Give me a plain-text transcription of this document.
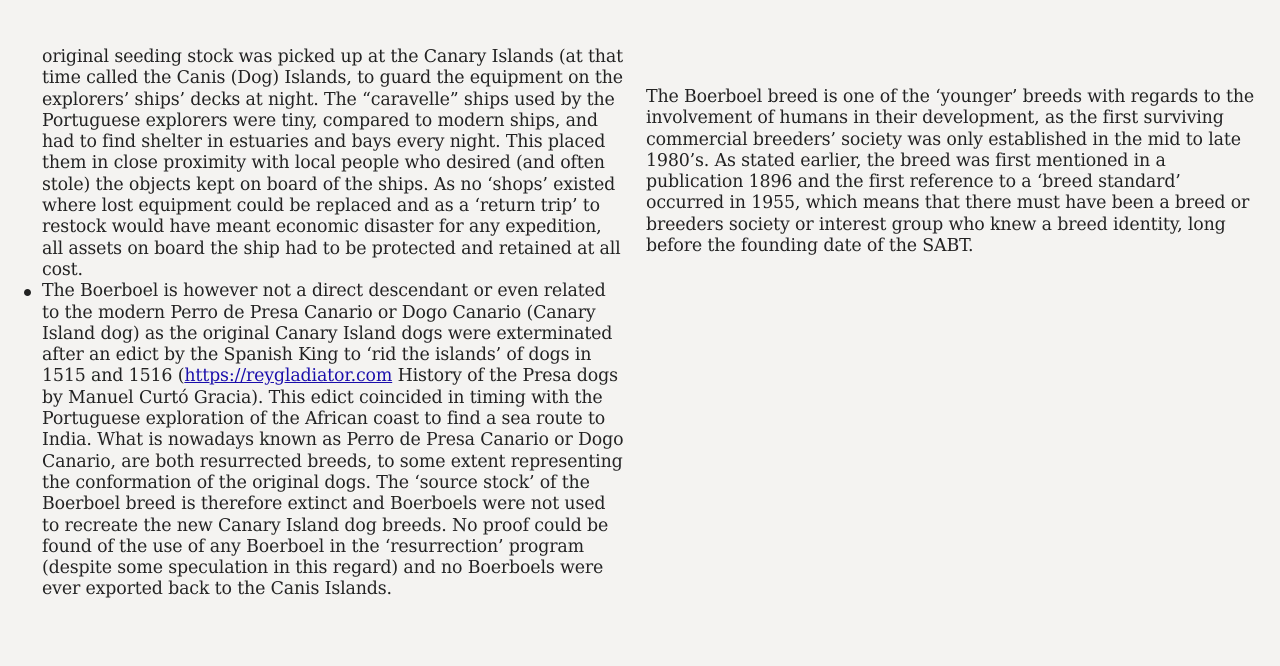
original seeding stock was picked up at the Canary Islands (at that time called the Canis (Dog) Islands, to guard the equipment on the explorers’ ships’ decks at night. The “caravelle” ships used by the Portuguese explorers were tiny, compared to modern ships, and had to find shelter in estuaries and bays every night. This placed them in close proximity with local people who desired (and often stole) the objects kept on board of the ships. As no ‘shops’ existed where lost equipment could be replaced and as a ‘return trip’ to restock would have meant economic disaster for any expedition, all assets on board the ship had to be protected and retained at all cost.

The Boerboel is however not a direct descendant or even related to the modern Perro de Presa Canario or Dogo Canario (Canary Island dog) as the original Canary Island dogs were exterminated after an edict by the Spanish King to ‘rid the islands’ of dogs in 1515 and 1516 (https://reygladiator.com History of the Presa dogs by Manuel Curtó Gracia). This edict coincided in timing with the Portuguese exploration of the African coast to find a sea route to India. What is nowadays known as Perro de Presa Canario or Dogo Canario, are both resurrected breeds, to some extent representing the conformation of the original dogs. The ‘source stock’ of the Boerboel breed is therefore extinct and Boerboels were not used to recreate the new Canary Island dog breeds. No proof could be found of the use of any Boerboel in the ‘resurrection’ program (despite some speculation in this regard) and no Boerboels were ever exported back to the Canis Islands.

The Boerboel breed is one of the ‘younger’ breeds with regards to the involvement of humans in their development, as the first surviving commercial breeders’ society was only established in the mid to late 1980’s. As stated earlier, the breed was first mentioned in a publication 1896 and the first reference to a ‘breed standard’ occurred in 1955, which means that there must have been a breed or breeders society or interest group who knew a breed identity, long before the founding date of the SABT.
